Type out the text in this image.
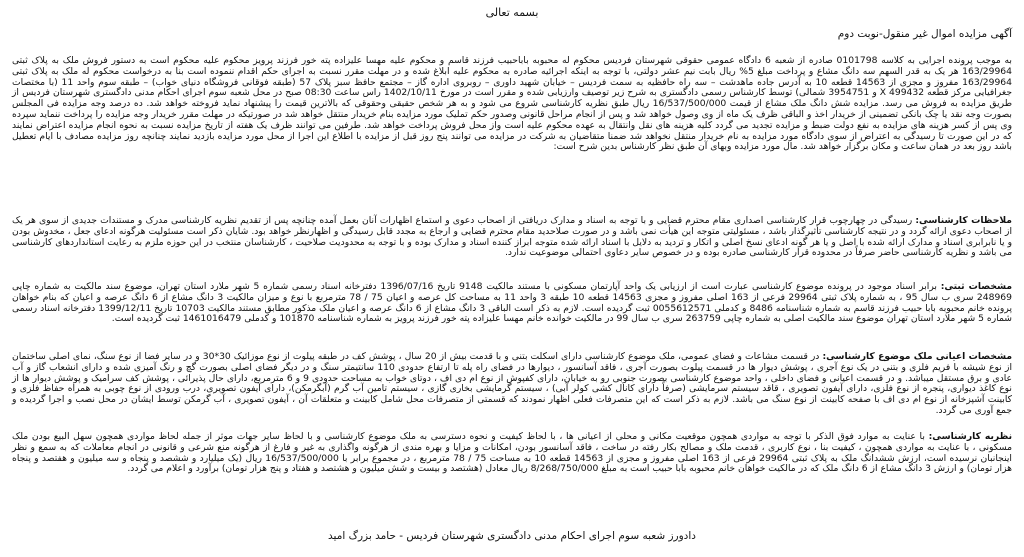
بسمه تعالی
آگهی مزایده اموال غیر منقول-نوبت دوم
به موجب پرونده اجرایی به کلاسه 0101798 صادره از شعبه 6 دادگاه عمومی حقوقی شهرستان فردیس محکوم له محبوبه باباحبیب فرزند قاسم و محکوم علیه مهسا علیزاده پته خور فرزند پرویز محکوم علیه محکوم است به دستور فروش ملک به پلاک ثبتی 163/29964 هر یک به قدر السهم سه دانگ مشاع و پرداخت مبلغ 5% ریال بابت نیم عشر دولتی، با توجه به اینکه اجرائیه صادره به محکوم علیه ابلاغ شده و در مهلت مقرر نسبت به اجرای حکم اقدام ننموده است بنا به درخواست محکوم له ملک به پلاک ثبتی 163/29964 مفروز و مجزی از 14563 قطعه 10 به آدرس جاده ماهدشت – سه راه حافظیه به سمت فردیس – خیابان شهید داوری – روبروی اداره گاز – مجتمع حافظ سبز پلاک 57 (طبقه فوقانی فروشگاه دنیای خواب) – طبقه سوم واحد 11 (با مختصات جغرافیایی مرکز قطعه 499432 X و 3954751 شمالی) توسط کارشناس رسمی دادگستری به شرح زیر توصیف وارزیابی شده و مقرر است در مورخ 1402/10/11 راس ساعت 08:30 صبح در محل شعبه سوم اجرای احکام مدنی دادگستری شهرستان فردیس از طریق مزایده به فروش می رسد. مزایده شش دانگ ملک مشاع از قیمت 16/537/500/000 ریال طبق نظریه کارشناسی شروع می شود و به هر شخص حقیقی وحقوقی که بالاترین قیمت را پیشنهاد نماید فروخته خواهد شد. ده درصد وجه مزایده فی المجلس بصورت وجه نقد یا چک بانکی تضمینی از خریدار اخذ و الباقی ظرف یک ماه از وی وصول خواهد شد و پس از انجام مراحل قانونی وصدور حکم تملیک مورد مزایده بنام خریدار منتقل خواهد شد در صورتیکه در مهلت مقرر خریدار وجه مزایده را پرداخت ننماید سپرده وی پس از کسر هزینه های مزایده به نفع دولت ضبط و مزایده تجدید می گردد کلیه هزینه های نقل وانتقال به عهده محکوم علیه است واز محل فروش پرداخت خواهد شد. طرفین می توانند ظرف یک هفته از تاریخ مزایده نسبت به نحوه انجام مزایده اعتراض نمایند که در این صورت تا رسیدگی به اعتراض از سوی دادگاه مورد مزایده به نام خریدار منتقل نخواهد شد ضمنا متقاضیان به شرکت در مزایده می توانند پنج روز قبل از مزایده با اطلاع این اجرا از محل مورد مزایده بازدید نمایند چنانچه روز مزایده مصادف با ایام تعطیل باشد روز بعد در همان ساعت و مکان برگزار خواهد شد. مال مورد مزایده وبهای آن طبق نظر کارشناس بدین شرح است:
ملاحظات کارشناسی: رسیدگی در چهارچوب قرار کارشناسی اصداری مقام محترم قضایی و با توجه به اسناد و مدارک دریافتی از اصحاب دعوی و استماع اظهارات آنان بعمل آمده چنانچه پس از تقدیم نظریه کارشناسی مدرک و مستندات جدیدی از سوی هر یک از اصحاب دعوی ارائه گردد و در نتیجه کارشناسی تأثیرگذار باشد ، مسئولیتی متوجه این هیأت نمی باشد و در صورت صلاحدید مقام محترم قضایی و ارجاع به مجدد قابل رسیدگی و اظهارنظر خواهد بود. شایان ذکر است مسئولیت هرگونه ادعای جعل ، مخدوش بودن و یا نابرابری اسناد و مدارک ارائه شده با اصل و یا هر گونه ادعای نسخ اصلی و اتکار و تردید به دلایل با اسناد ارائه شده متوجه ابراز کننده اسناد و مدارک بوده و با توجه به محدودیت صلاحیت ، کارشناسان منتخب در این حوزه ملزم به رعایت استانداردهای کارشناسی می باشد و نظریه کارشناسی حاضر صرفاً در محدوده قرار کارشناسی صادره بوده و در خصوص سایر دعاوی احتمالی موضوعیت ندارد.
مشخصات ثبتی: برابر اسناد موجود در پرونده موضوع کارشناسی عبارت است از ارزیابی یک واحد آپارتمان مسکونی با مستند مالکیت 9148 تاریخ 1396/07/16 دفترخانه اسناد رسمی شماره 5 شهر ملارد استان تهران، موضوع سند مالکیت به شماره چاپی 248969 سری ب سال 95 ، به شماره پلاک ثبتی 29964 فرعی از 163 اصلی مفروز و مجزی 14563 قطعه 10 طبقه 3 واحد 11 به مساحت کل عرصه و اعیان 75 / 78 مترمربع با نوع و میزان مالکیت 3 دانگ مشاع از 6 دانگ عرصه و اعیان که بنام خواهان پرونده خانم محبوبه بابا حبیب فرزند قاسم به شماره شناسنامه 8486 و کدملی 0055612571 ثبت گردیده است. لازم به ذکر است الباقی 3 دانگ مشاع از 6 دانگ عرصه و اعیان ملک مذکور مطابق مستند مالکیت 10703 تاریخ 1399/12/11 دفترخانه اسناد رسمی شماره 5 شهر ملارد استان تهران موضوع سند مالکیت اصلی به شماره چاپی 263759 سری ب سال 99 در مالکیت خوانده خانم مهسا علیزاده پته خور فرزند پرویز به شماره شناسنامه 101870 و کدملی 1461016479 ثبت گردیده است.
مشخصات اعیانی ملک موضوع کارشناسی: در قسمت مشاعات و فضای عمومی، ملک موضوع کارشناسی دارای اسکلت بتنی و با قدمت بیش از 20 سال ، پوشش کف در طبقه پیلوت از نوع موزائیک 30*30 و در سایر فضا از نوع سنگ، نمای اصلی ساختمان از نوع شیشه با فریم فلزی و بتنی در یک نوع آجری ، پوشش دیوار ها در قسمت پیلوت بصورت آجری ، فاقد آسانسور ، دیوارها در فضای راه پله تا ارتفاع حدودی 110 سانتیمتر سنگ و در دیگر فضای اصلی بصورت گچ و رنگ آمیزی شده و دارای انشعاب گاز و آب عادی و برق مستقل میباشد. و در قسمت اعیانی و فضای داخلی ، واحد موضوع کارشناسی بصورت جنوبی رو به خیابان، دارای کفپوش از نوع ام دی اف ، دوتای خواب به مساحت حدودی 9 و 6 مترمربع، دارای حال پذیرائی ، پوشش کف سرامیک و پوشش دیوار ها از نوع کاغذ دیواری، پنجره از نوع فلزی، دارای آیفون تصویری ، قاقد سیستم سرمایشی (صرفاً دارای کانال کشی کولر آبی) ، سیستم گرمایشی بخاری گازی ، سیستم تامین آب گرم (آبگرمکن)، دارای آیفون تصویری، درب ورودی از نوع چوبی به همراه حفاظ فلزی و کابینت آشپزخانه از نوع ام دی اف با صفحه کابینت از نوع سنگ می باشد. لازم به ذکر است که این متصرفات فعلی اظهار نمودند که قسمتی از متصرفات محل شامل کابینت و متعلقات آن ، آیفون تصویری ، آب گرمکن توسط ایشان در محل نصب و اجرا گردیده و جمع آوری می گردد.
نظریه کارشناسی: با عنایت به موارد فوق الذکر با توجه به مواردی همچون موقعیت مکانی و محلی از اعیانی ها ، با لحاظ کیفیت و نحوه دسترسی به ملک موضوع کارشناسی و با لحاظ سایر جهات موثر از جمله لحاظ مواردی همچون سهل البیع بودن ملک مسکونی ، با عنایت به مواردی همچون ، کیفیت بنا ، نوع کاربری ، قدمت ملک و مصالح بکار رفته در ساخت ، فاقد آسانسور بودن، امکانات و مزایا و بهره مندی از هرگونه واگذاری به غیر و فارغ از هرگونه منع شرعی و قانونی در انجام معاملات که به سمع و نظر اینجانبان نرسیده است، ارزش ششدانگ ملک به پلاک ثبتی 29964 فرعی از 163 اصلی مفروز و مجزی از 14563 قطعه 10 به مساحت 75 / 78 مترمربع ، در مجموع برابر با 16/537/500/000 ریال (یک میلیارد و ششصد و پنجاه و سه میلیون و هفتصد و پنجاه هزار تومان) و ارزش 3 دانگ مشاع از 6 دانگ ملک که در مالکیت خواهان خانم محبوبه بابا حبیب است به مبلغ 8/268/750/000 ریال معادل (هشتصد و بیست و شش میلیون و هشتصد و هفتاد و پنج هزار تومان) برآورد و اعلام می گردد.
دادورز شعبه سوم اجرای احکام مدنی دادگستری شهرستان فردیس - حامد بزرگ امید
